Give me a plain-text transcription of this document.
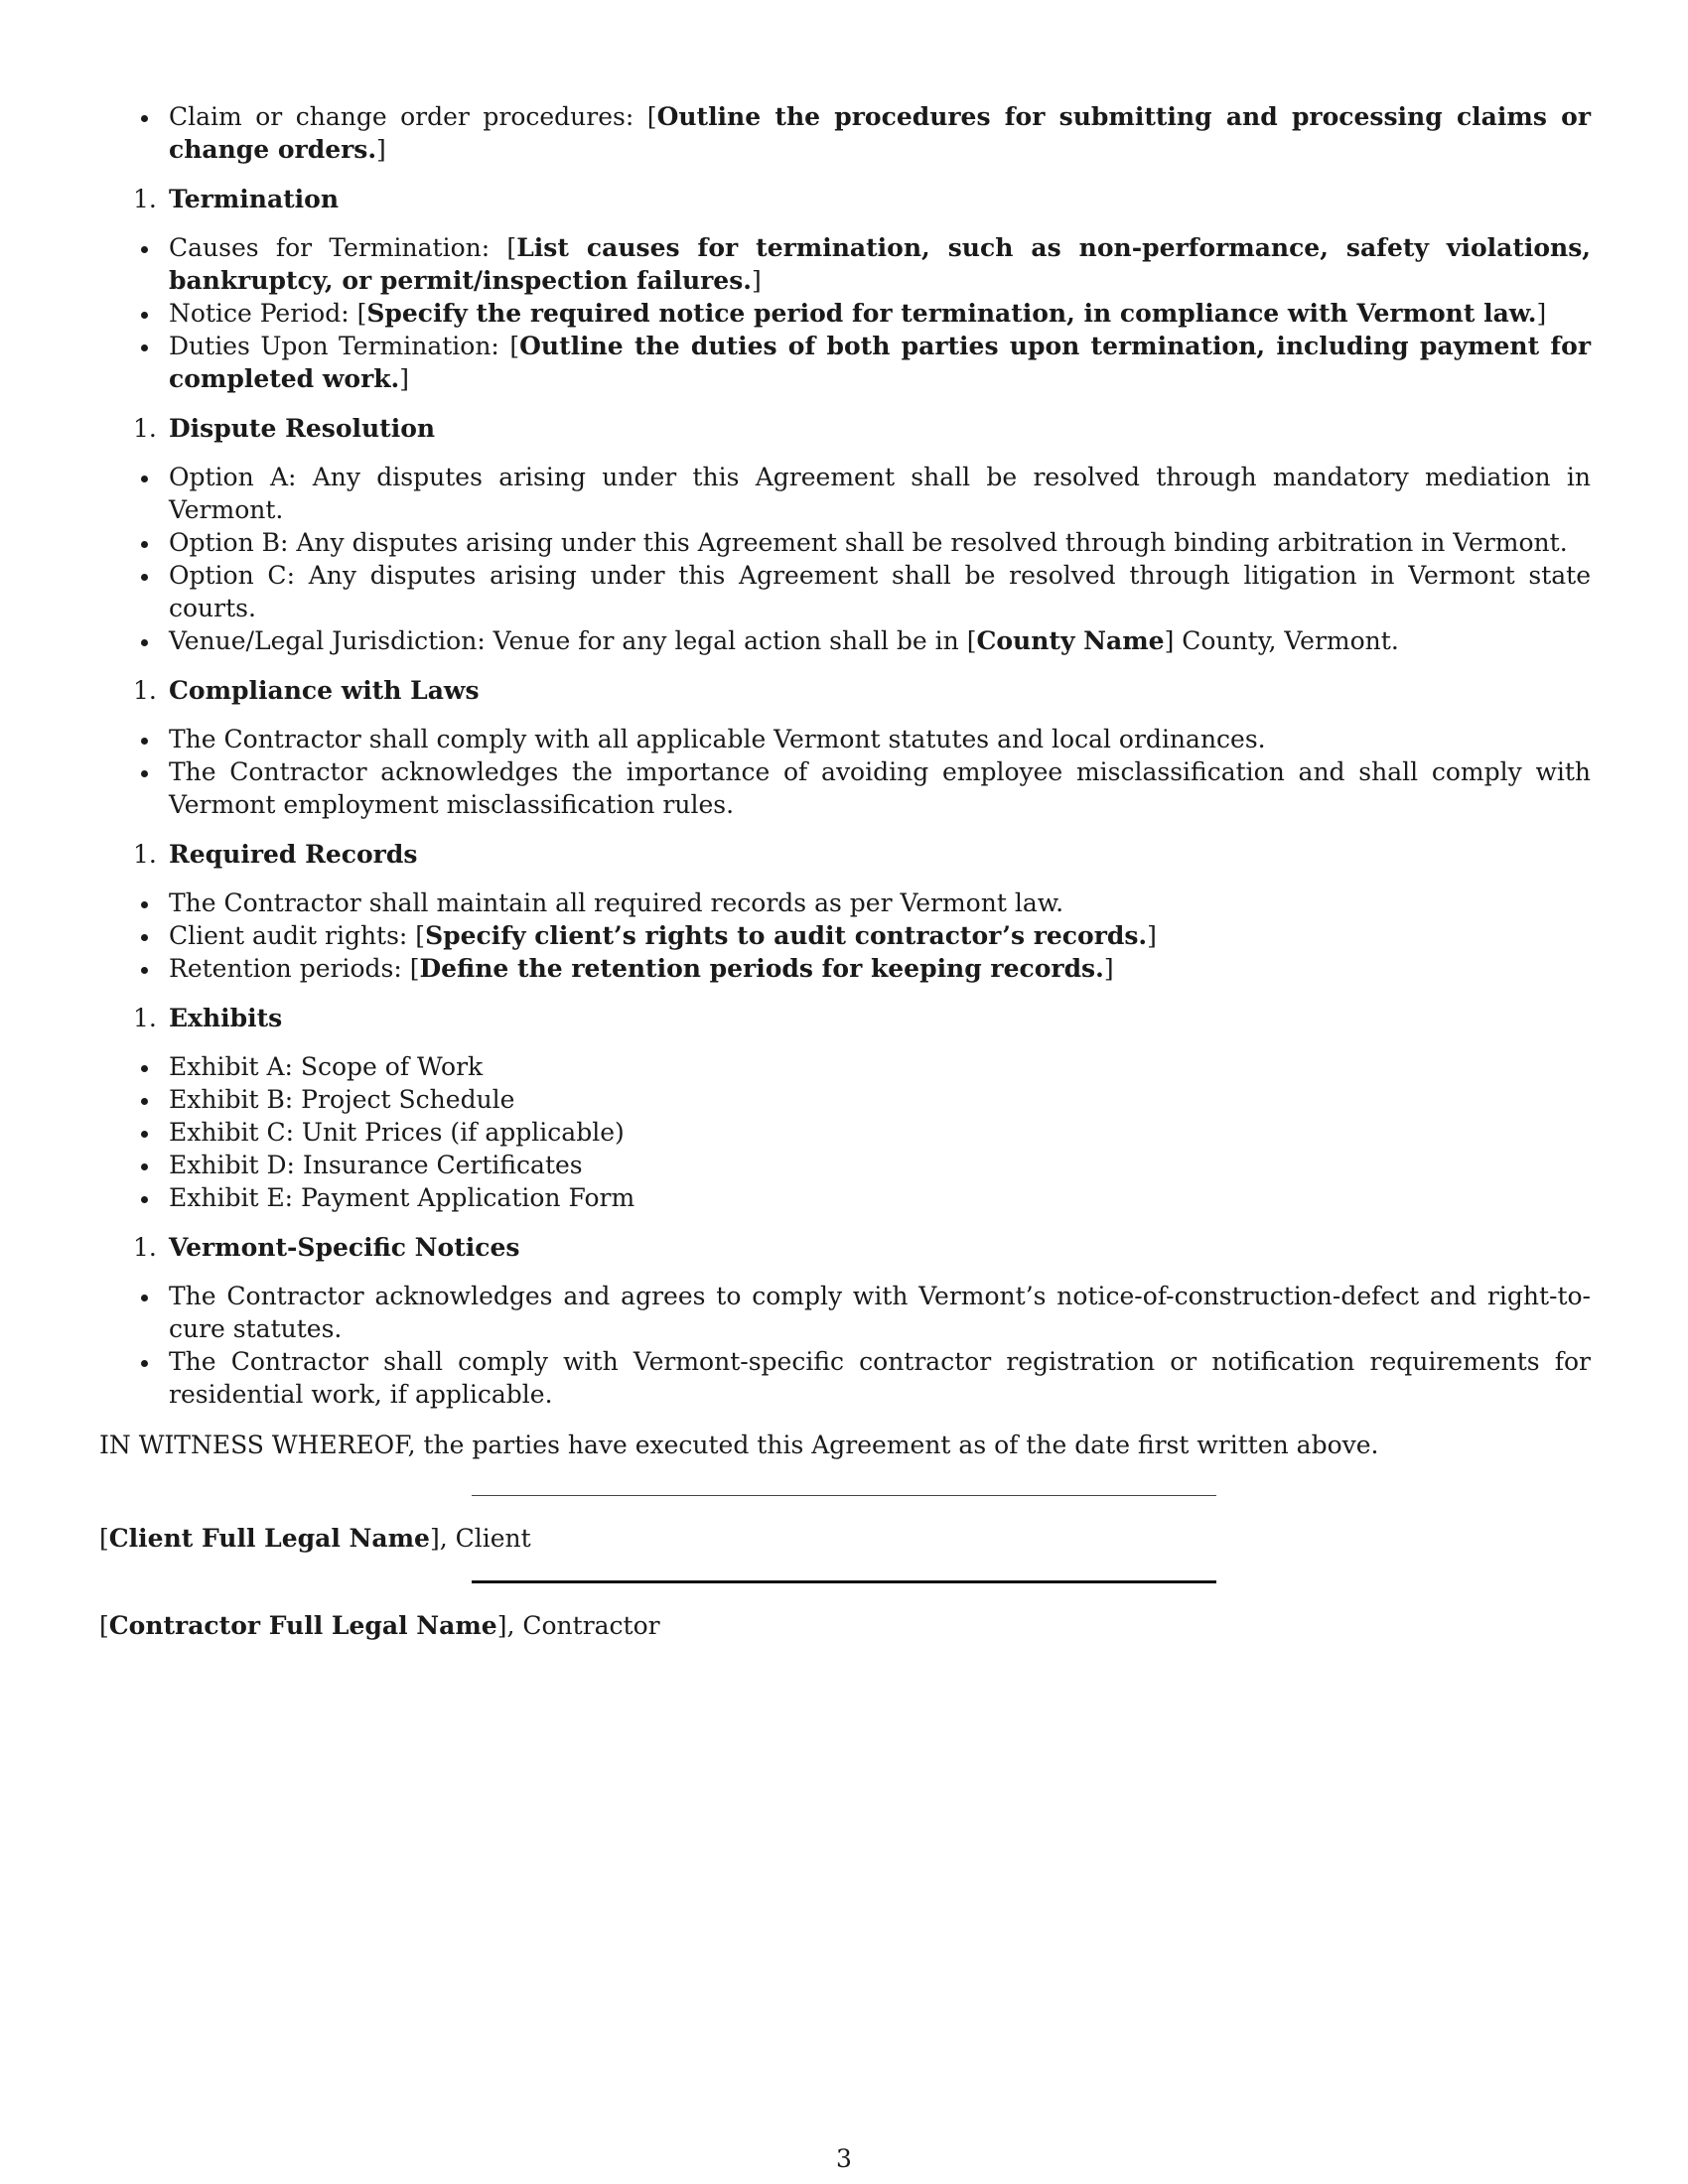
Claim or change order procedures: [Outline the procedures for submitting and processing claims or change orders.]
1. Termination
Causes for Termination: [List causes for termination, such as non-performance, safety violations, bankruptcy, or permit/inspection failures.]
Notice Period: [Specify the required notice period for termination, in compliance with Vermont law.]
Duties Upon Termination: [Outline the duties of both parties upon termination, including payment for completed work.]
1. Dispute Resolution
Option A: Any disputes arising under this Agreement shall be resolved through mandatory mediation in Vermont.
Option B: Any disputes arising under this Agreement shall be resolved through binding arbitration in Vermont.
Option C: Any disputes arising under this Agreement shall be resolved through litigation in Vermont state courts.
Venue/Legal Jurisdiction: Venue for any legal action shall be in [County Name] County, Vermont.
1. Compliance with Laws
The Contractor shall comply with all applicable Vermont statutes and local ordinances.
The Contractor acknowledges the importance of avoiding employee misclassification and shall comply with Vermont employment misclassification rules.
1. Required Records
The Contractor shall maintain all required records as per Vermont law.
Client audit rights: [Specify client’s rights to audit contractor’s records.]
Retention periods: [Define the retention periods for keeping records.]
1. Exhibits
Exhibit A: Scope of Work
Exhibit B: Project Schedule
Exhibit C: Unit Prices (if applicable)
Exhibit D: Insurance Certificates
Exhibit E: Payment Application Form
1. Vermont-Specific Notices
The Contractor acknowledges and agrees to comply with Vermont’s notice-of-construction-defect and right-to-cure statutes.
The Contractor shall comply with Vermont-specific contractor registration or notification requirements for residential work, if applicable.
IN WITNESS WHEREOF, the parties have executed this Agreement as of the date first written above.
[Client Full Legal Name], Client
[Contractor Full Legal Name], Contractor
3
